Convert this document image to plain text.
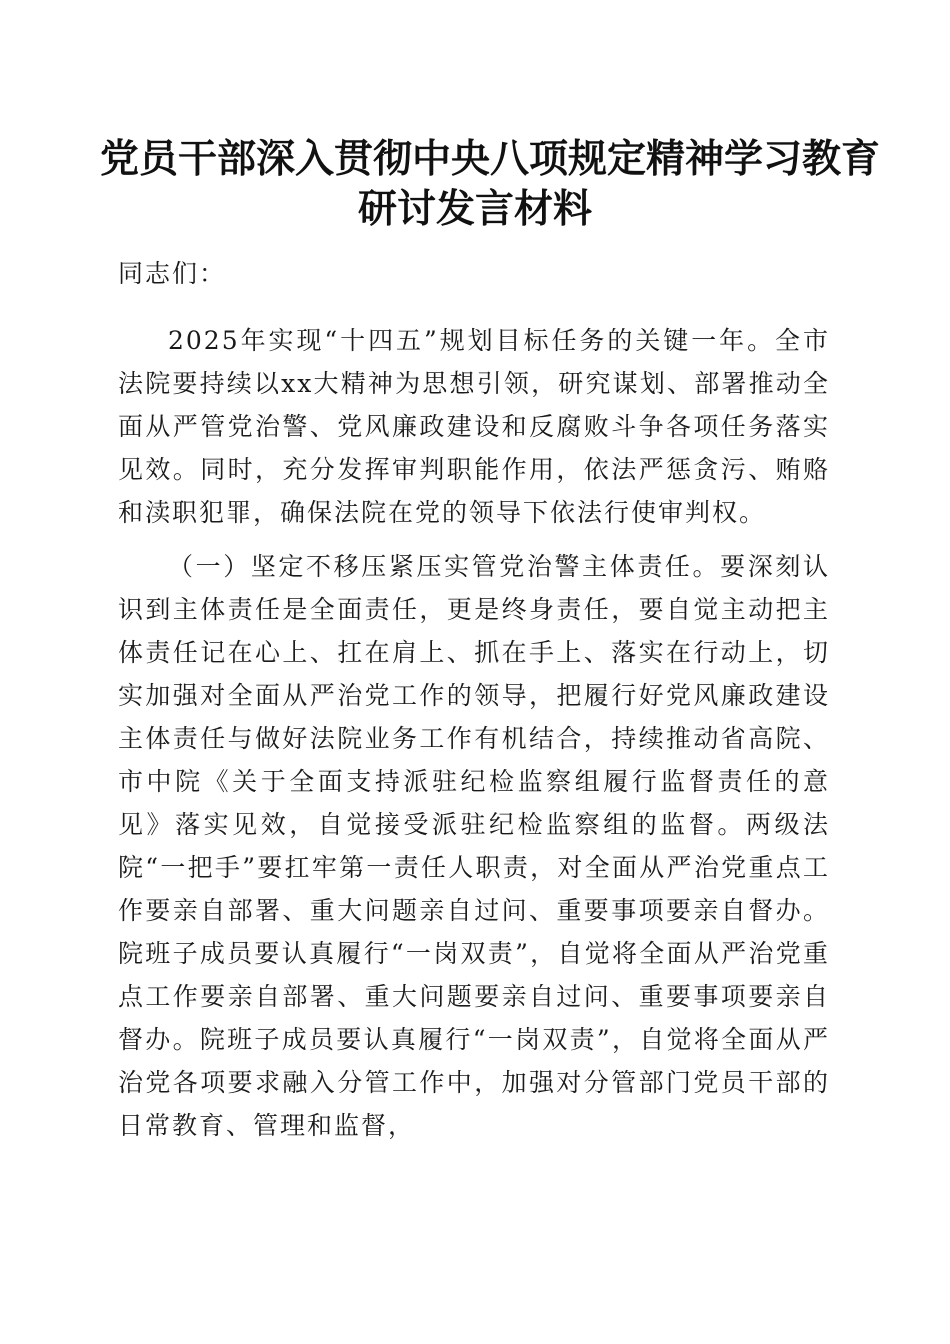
党员干部深入贯彻中央八项规定精神学习教育
研讨发言材料

同志们：

2025年实现“十四五”规划目标任务的关键一年。全市法院要持续以xx大精神为思想引领，研究谋划、部署推动全面从严管党治警、党风廉政建设和反腐败斗争各项任务落实见效。同时，充分发挥审判职能作用，依法严惩贪污、贿赂和渎职犯罪，确保法院在党的领导下依法行使审判权。

（一）坚定不移压紧压实管党治警主体责任。要深刻认识到主体责任是全面责任，更是终身责任，要自觉主动把主体责任记在心上、扛在肩上、抓在手上、落实在行动上，切实加强对全面从严治党工作的领导，把履行好党风廉政建设主体责任与做好法院业务工作有机结合，持续推动省高院、市中院《关于全面支持派驻纪检监察组履行监督责任的意见》落实见效，自觉接受派驻纪检监察组的监督。两级法院“一把手”要扛牢第一责任人职责，对全面从严治党重点工作要亲自部署、重大问题亲自过问、重要事项要亲自督办。院班子成员要认真履行“一岗双责”，自觉将全面从严治党重点工作要亲自部署、重大问题要亲自过问、重要事项要亲自督办。院班子成员要认真履行“一岗双责”，自觉将全面从严治党各项要求融入分管工作中，加强对分管部门党员干部的日常教育、管理和监督，
